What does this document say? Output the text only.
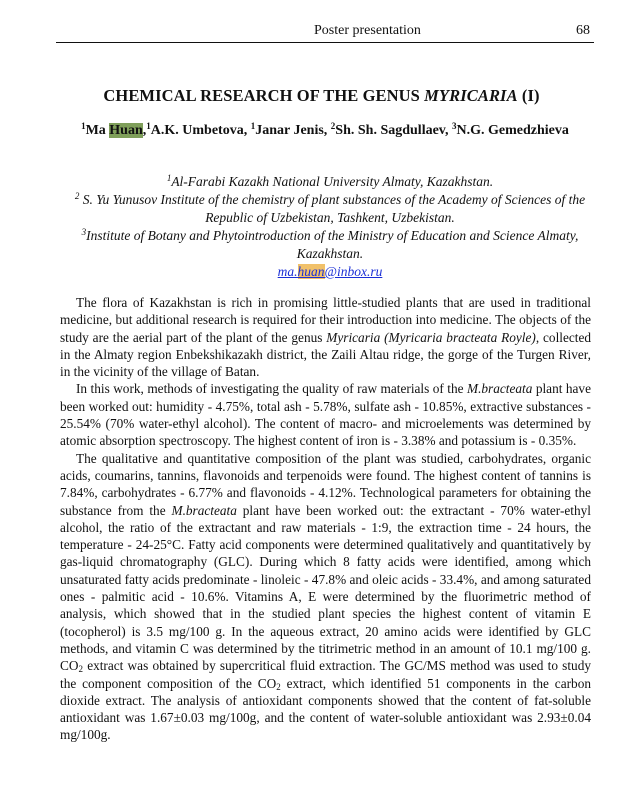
Poster presentation	68
CHEMICAL RESEARCH OF THE GENUS MYRICARIA (I)
$^1$Ma Huan,$^1$A.K. Umbetova, $^1$Janar Jenis, $^2$Sh. Sh. Sagdullaev, $^3$N.G. Gemedzhieva
$^1$Al-Farabi Kazakh National University Almaty, Kazakhstan.
$^2$ S. Yu Yunusov Institute of the chemistry of plant substances of the Academy of Sciences of the Republic of Uzbekistan, Tashkent, Uzbekistan.
$^3$Institute of Botany and Phytointroduction of the Ministry of Education and Science Almaty, Kazakhstan.
ma.huan@inbox.ru

The flora of Kazakhstan is rich in promising little-studied plants that are used in traditional medicine, but additional research is required for their introduction into medicine. The objects of the study are the aerial part of the plant of the genus Myricaria (Myricaria bracteata Royle), collected in the Almaty region Enbekshikazakh district, the Zaili Altau ridge, the gorge of the Turgen River, in the vicinity of the village of Batan.

In this work, methods of investigating the quality of raw materials of the M.bracteata plant have been worked out: humidity - 4.75%, total ash - 5.78%, sulfate ash - 10.85%, extractive substances - 25.54% (70% water-ethyl alcohol). The content of macro- and microelements was determined by atomic absorption spectroscopy. The highest content of iron is - 3.38% and potassium is - 0.35%.

The qualitative and quantitative composition of the plant was studied, carbohydrates, organic acids, coumarins, tannins, flavonoids and terpenoids were found. The highest content of tannins is 7.84%, carbohydrates - 6.77% and flavonoids - 4.12%. Technological parameters for obtaining the substance from the M.bracteata plant have been worked out: the extractant - 70% water-ethyl alcohol, the ratio of the extractant and raw materials - 1:9, the extraction time - 24 hours, the temperature - 24-25°C. Fatty acid components were determined qualitatively and quantitatively by gas-liquid chromatography (GLC). During which 8 fatty acids were identified, among which unsaturated fatty acids predominate - linoleic - 47.8% and oleic acids - 33.4%, and among saturated ones - palmitic acid - 10.6%. Vitamins A, E were determined by the fluorimetric method of analysis, which showed that in the studied plant species the highest content of vitamin E (tocopherol) is 3.5 mg/100 g. In the aqueous extract, 20 amino acids were identified by GLC methods, and vitamin C was determined by the titrimetric method in an amount of 10.1 mg/100 g. $CO_2$ extract was obtained by supercritical fluid extraction. The GC/MS method was used to study the component composition of the $CO_2$ extract, which identified 51 components in the carbon dioxide extract. The analysis of antioxidant components showed that the content of fat-soluble antioxidant was 1.67±0.03 mg/100g, and the content of water-soluble antioxidant was 2.93±0.04 mg/100g.
